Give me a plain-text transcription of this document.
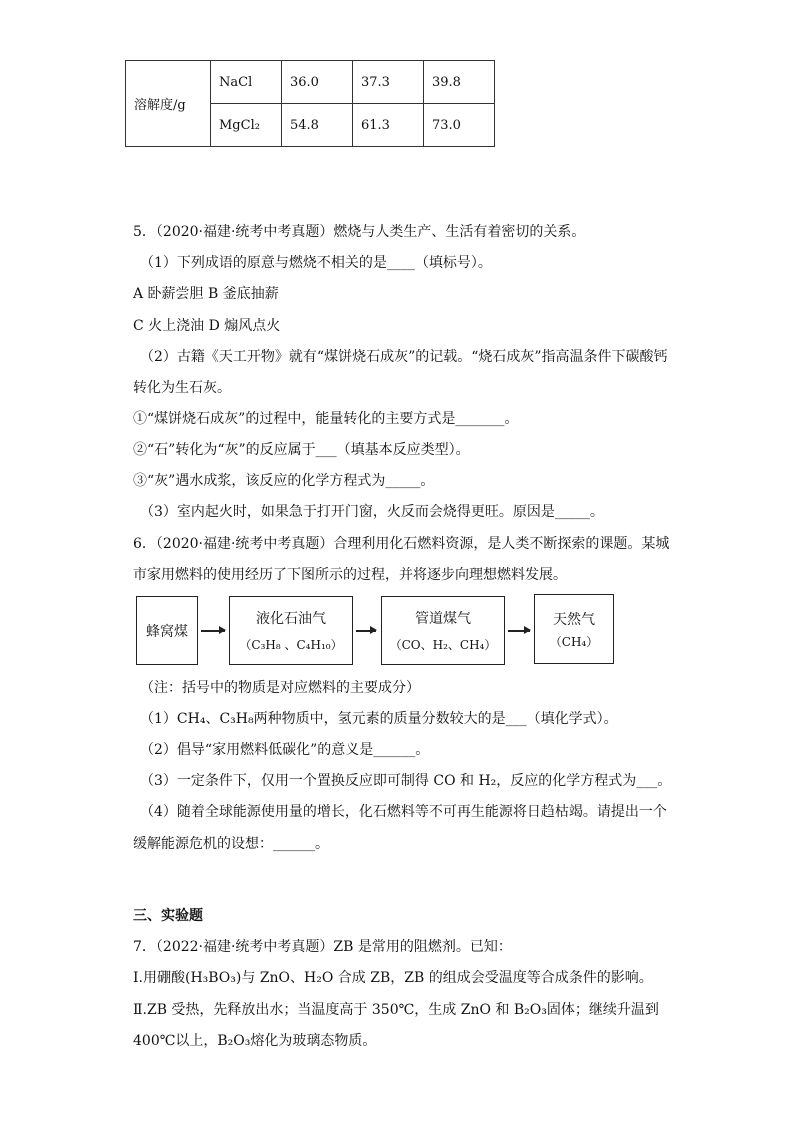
溶解度/g	NaCl	36.0	37.3	39.8
	MgCl₂	54.8	61.3	73.0
5．（2020·福建·统考中考真题）燃烧与人类生产、生活有着密切的关系。
（1）下列成语的原意与燃烧不相关的是____（填标号）。
A 卧薪尝胆 B 釜底抽薪
C 火上浇油 D 煽风点火
（2）古籍《天工开物》就有“煤饼烧石成灰”的记载。“烧石成灰”指高温条件下碳酸钙
转化为生石灰。
①“煤饼烧石成灰”的过程中，能量转化的主要方式是_______。
②“石”转化为“灰”的反应属于___（填基本反应类型）。
③“灰”遇水成浆，该反应的化学方程式为_____。
（3）室内起火时，如果急于打开门窗，火反而会烧得更旺。原因是_____。
6．（2020·福建·统考中考真题）合理利用化石燃料资源，是人类不断探索的课题。某城
市家用燃料的使用经历了下图所示的过程，并将逐步向理想燃料发展。
蜂窝煤
液化石油气
（C₃H₈ 、C₄H₁₀）
管道煤气
（CO、H₂、CH₄）
天然气
（CH₄）
（注：括号中的物质是对应燃料的主要成分）
（1）CH₄、C₃H₈两种物质中，氢元素的质量分数较大的是___（填化学式）。
（2）倡导“家用燃料低碳化”的意义是______。
（3）一定条件下，仅用一个置换反应即可制得 CO 和 H₂，反应的化学方程式为___。
（4）随着全球能源使用量的增长，化石燃料等不可再生能源将日趋枯竭。请提出一个
缓解能源危机的设想：______。
三、实验题
7．（2022·福建·统考中考真题）ZB 是常用的阻燃剂。已知：
Ⅰ.用硼酸(H₃BO₃)与 ZnO、H₂O 合成 ZB，ZB 的组成会受温度等合成条件的影响。
Ⅱ.ZB 受热，先释放出水；当温度高于 350℃，生成 ZnO 和 B₂O₃固体；继续升温到
400℃以上，B₂O₃熔化为玻璃态物质。
